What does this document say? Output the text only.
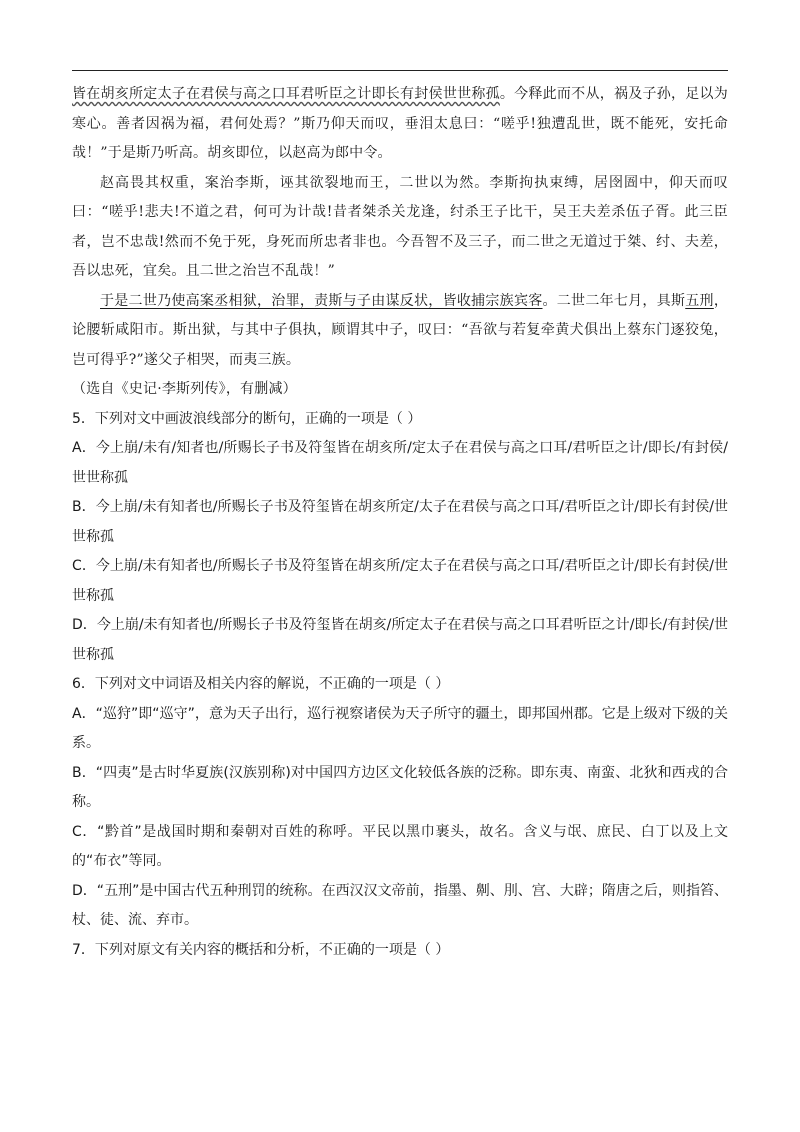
皆在胡亥所定太子在君侯与高之口耳君听臣之计即长有封侯世世称孤。今释此而不从，祸及子孙，足以为寒心。善者因祸为福，君何处焉？”斯乃仰天而叹，垂泪太息曰：“嗟乎!独遭乱世，既不能死，安托命哉！”于是斯乃听高。胡亥即位，以赵高为郎中令。

赵高畏其权重，案治李斯，诬其欲裂地而王，二世以为然。李斯拘执束缚，居囹圄中，仰天而叹曰：“嗟乎!悲夫!不道之君，何可为计哉!昔者桀杀关龙逢，纣杀王子比干，吴王夫差杀伍子胥。此三臣者，岂不忠哉!然而不免于死，身死而所忠者非也。今吾智不及三子，而二世之无道过于桀、纣、夫差，吾以忠死，宜矣。且二世之治岂不乱哉！”

于是二世乃使高案丞相狱，治罪，责斯与子由谋反状，皆收捕宗族宾客。二世二年七月，具斯五刑，论腰斩咸阳市。斯出狱，与其中子俱执，顾谓其中子，叹曰：“吾欲与若复牵黄犬俱出上蔡东门逐狡兔，岂可得乎?”遂父子相哭，而夷三族。

（选自《史记·李斯列传》，有删减）

5．下列对文中画波浪线部分的断句，正确的一项是（ ）

A．今上崩/未有/知者也/所赐长子书及符玺皆在胡亥所/定太子在君侯与高之口耳/君听臣之计/即长/有封侯/世世称孤

B．今上崩/未有知者也/所赐长子书及符玺皆在胡亥所定/太子在君侯与高之口耳/君听臣之计/即长有封侯/世世称孤

C．今上崩/未有知者也/所赐长子书及符玺皆在胡亥所/定太子在君侯与高之口耳/君听臣之计/即长有封侯/世世称孤

D．今上崩/未有知者也/所赐长子书及符玺皆在胡亥/所定太子在君侯与高之口耳君听臣之计/即长/有封侯/世世称孤

6．下列对文中词语及相关内容的解说，不正确的一项是（ ）

A．“巡狩”即“巡守”，意为天子出行，巡行视察诸侯为天子所守的疆土，即邦国州郡。它是上级对下级的关系。

B．“四夷”是古时华夏族(汉族别称)对中国四方边区文化较低各族的泛称。即东夷、南蛮、北狄和西戎的合称。

C．“黔首”是战国时期和秦朝对百姓的称呼。平民以黑巾裹头，故名。含义与氓、庶民、白丁以及上文的“布衣”等同。

D．“五刑”是中国古代五种刑罚的统称。在西汉汉文帝前，指墨、劓、刖、宫、大辟；隋唐之后，则指笞、杖、徒、流、弃市。

7．下列对原文有关内容的概括和分析，不正确的一项是（ ）
